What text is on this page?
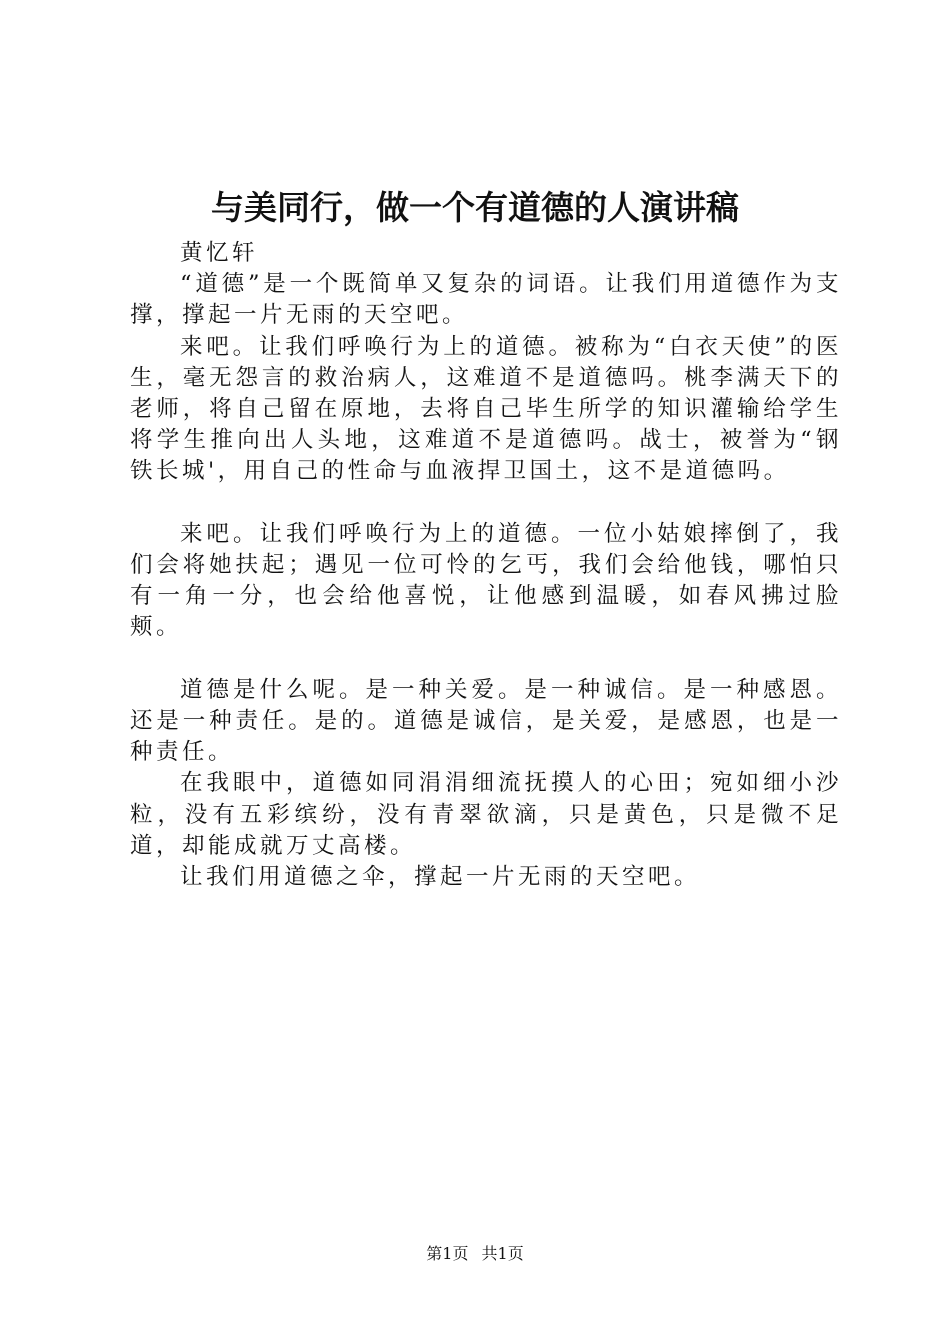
与美同行，做一个有道德的人演讲稿

黄忆轩

“道德”是一个既简单又复杂的词语。让我们用道德作为支撑，撑起一片无雨的天空吧。

来吧。让我们呼唤行为上的道德。被称为“白衣天使”的医生，毫无怨言的救治病人，这难道不是道德吗。桃李满天下的老师，将自己留在原地，去将自己毕生所学的知识灌输给学生将学生推向出人头地，这难道不是道德吗。战士，被誉为“钢铁长城'，用自己的性命与血液捍卫国土，这不是道德吗。

来吧。让我们呼唤行为上的道德。一位小姑娘摔倒了，我们会将她扶起；遇见一位可怜的乞丐，我们会给他钱，哪怕只有一角一分，也会给他喜悦，让他感到温暖，如春风拂过脸颊。

道德是什么呢。是一种关爱。是一种诚信。是一种感恩。还是一种责任。是的。道德是诚信，是关爱，是感恩，也是一种责任。

在我眼中，道德如同涓涓细流抚摸人的心田；宛如细小沙粒，没有五彩缤纷，没有青翠欲滴，只是黄色，只是微不足道，却能成就万丈高楼。

让我们用道德之伞，撑起一片无雨的天空吧。

第1页 共1页
